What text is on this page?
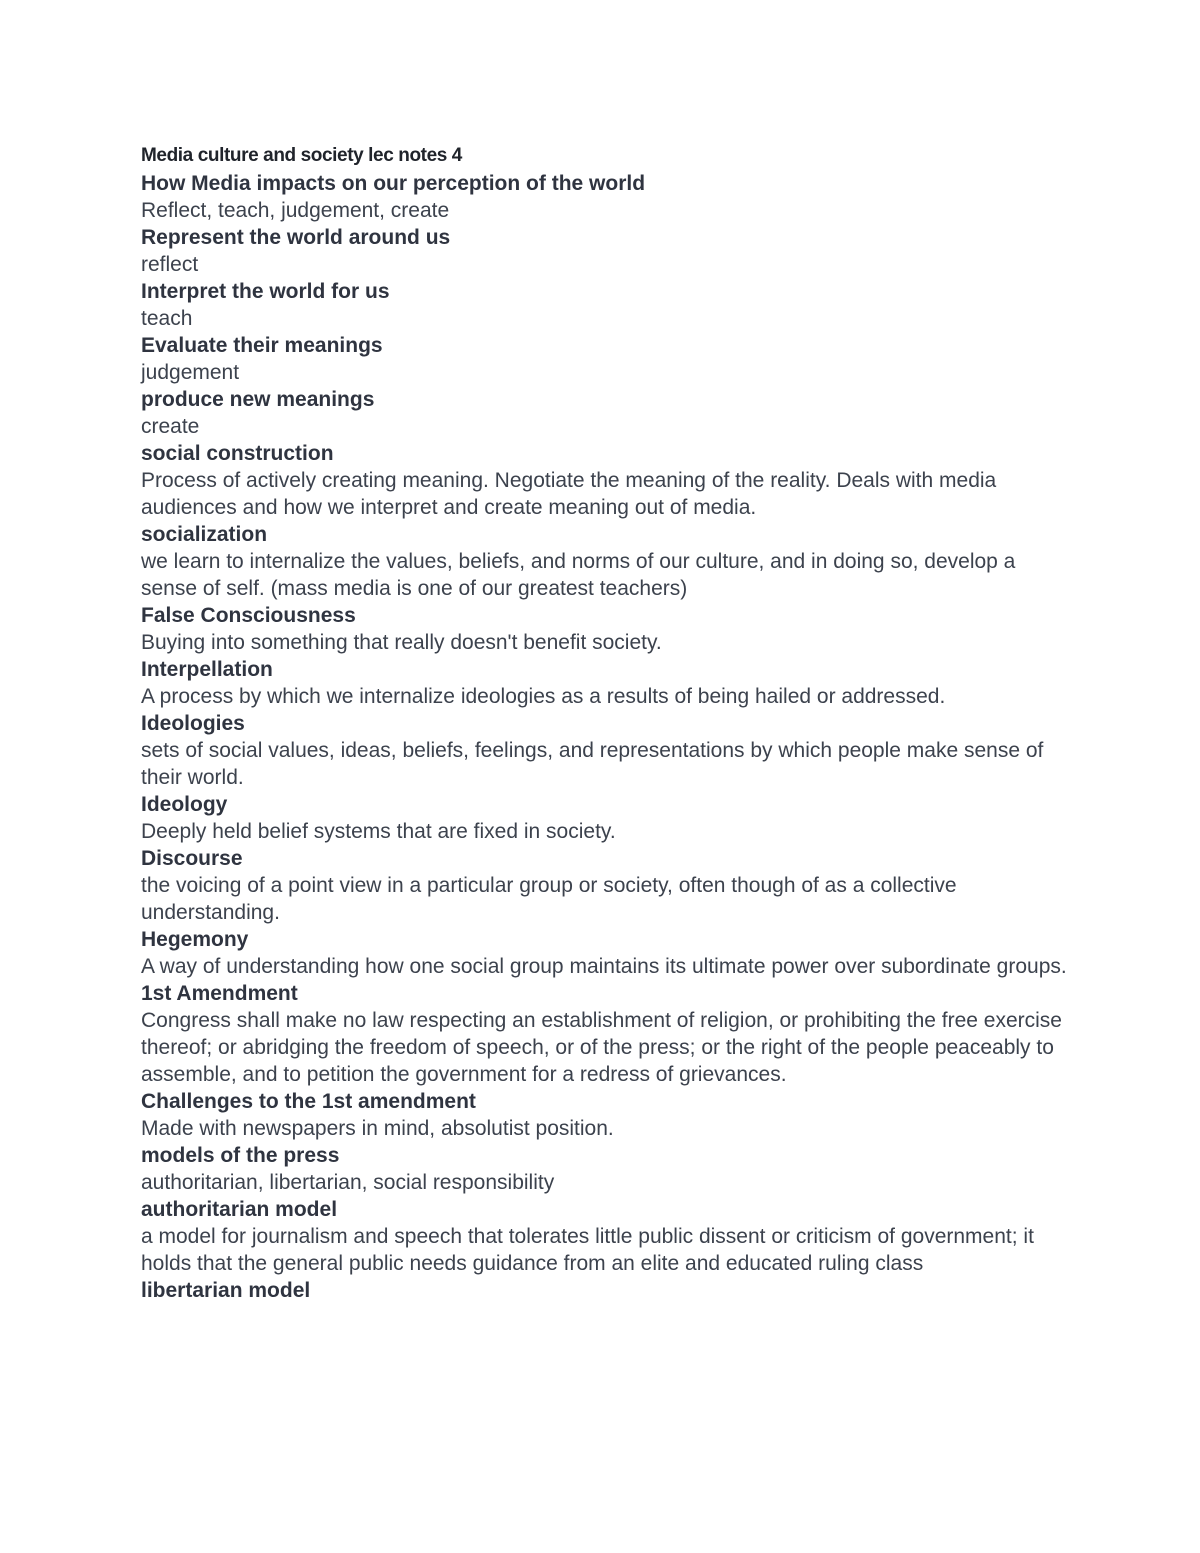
Media culture and society lec notes 4
How Media impacts on our perception of the world
Reflect, teach, judgement, create
Represent the world around us
reflect
Interpret the world for us
teach
Evaluate their meanings
judgement
produce new meanings
create
social construction
Process of actively creating meaning. Negotiate the meaning of the reality. Deals with media audiences and how we interpret and create meaning out of media.
socialization
we learn to internalize the values, beliefs, and norms of our culture, and in doing so, develop a sense of self. (mass media is one of our greatest teachers)
False Consciousness
Buying into something that really doesn't benefit society.
Interpellation
A process by which we internalize ideologies as a results of being hailed or addressed.
Ideologies
sets of social values, ideas, beliefs, feelings, and representations by which people make sense of their world.
Ideology
Deeply held belief systems that are fixed in society.
Discourse
the voicing of a point view in a particular group or society, often though of as a collective understanding.
Hegemony
A way of understanding how one social group maintains its ultimate power over subordinate groups.
1st Amendment
Congress shall make no law respecting an establishment of religion, or prohibiting the free exercise thereof; or abridging the freedom of speech, or of the press; or the right of the people peaceably to assemble, and to petition the government for a redress of grievances.
Challenges to the 1st amendment
Made with newspapers in mind, absolutist position.
models of the press
authoritarian, libertarian, social responsibility
authoritarian model
a model for journalism and speech that tolerates little public dissent or criticism of government; it holds that the general public needs guidance from an elite and educated ruling class
libertarian model
